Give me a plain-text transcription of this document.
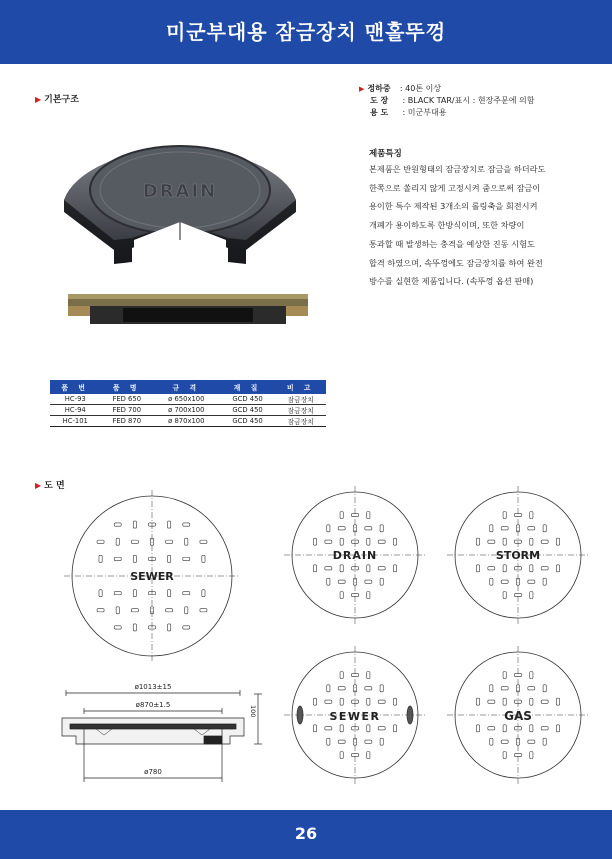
미군부대용 잠금장치 맨홀뚜껑
▶ 기본구조
DRAIN
▶ 정하중 : 40톤 이상
도 장 : BLACK TAR/표시 : 현장주문에 의함
용 도 : 미군부대용
제품특징
본제품은 반원형태의 잠금장치로 잠금을 하더라도
한쪽으로 쏠리지 않게 고정시켜 줌으로써 잠금이
용이한 특수 제작된 3개소의 롤링축을 회전시켜
개폐가 용이하도록 한방식이며, 또한 차량이
통과할 때 발생하는 충격을 예상한 진동 시험도
합격 하였으며, 속뚜껑에도 잠금장치를 하여 완전
방수를 실현한 제품입니다. (속뚜껑 옵션 판매)
품 번	품 명	규 격	재 질	비 고
HC-93	FED 650	ø 650x100	GCD 450	잠금장치
HC-94	FED 700	ø 700x100	GCD 450	잠금장치
HC-101	FED 870	ø 870x100	GCD 450	잠금장치
▶ 도 면
SEWER
DRAIN	STORM
SEWER	GAS
ø1013±15
ø870±1.5	100
ø780
26
